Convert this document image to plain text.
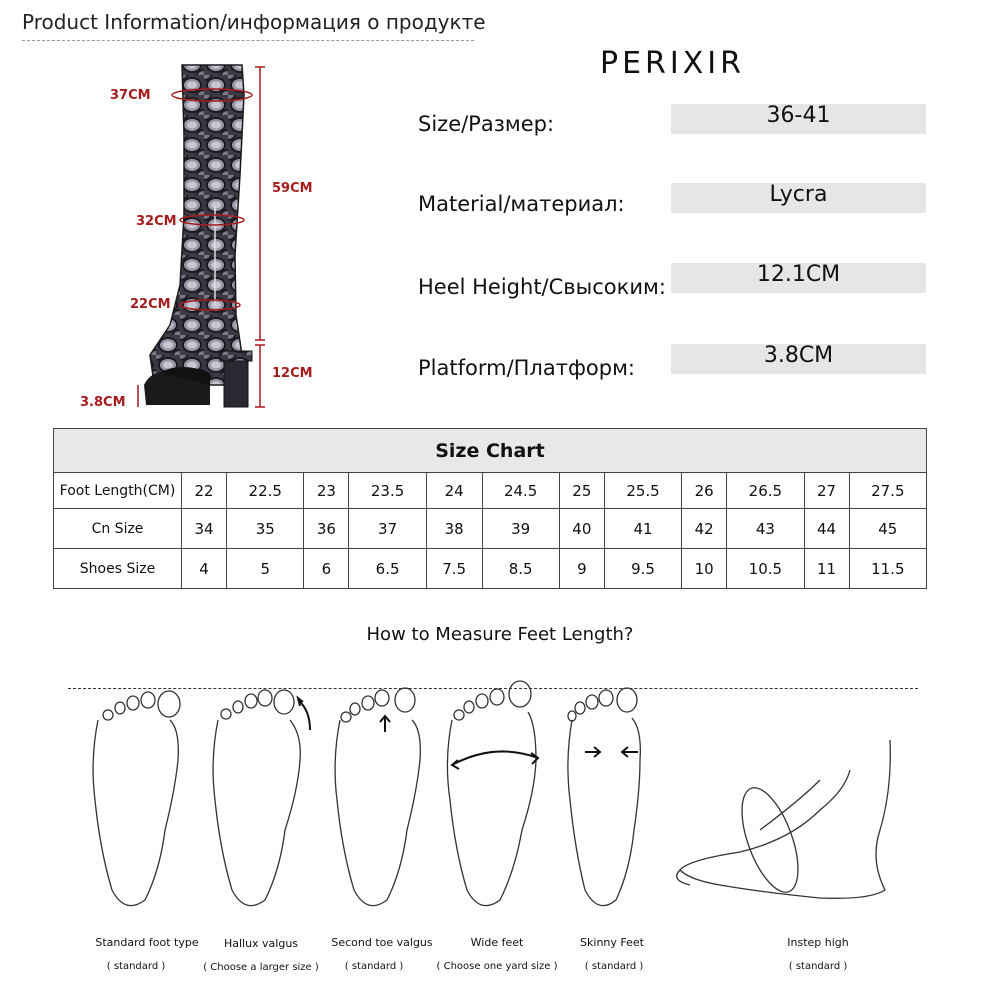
Product Information/информация о продукте
37CM
59CM
32CM
22CM
12CM
3.8CM
PERIXIR
Size/Размер:	36-41
Material/материал:	Lycra
Heel Height/Свысоким:	12.1CM
Platform/Платформ:	3.8CM
Size Chart												
Foot Length(CM)	22	22.5	23	23.5	24	24.5	25	25.5	26	26.5	27	27.5
Cn Size	34	35	36	37	38	39	40	41	42	43	44	45
Shoes Size	4	5	6	6.5	7.5	8.5	9	9.5	10	10.5	11	11.5
How to Measure Feet Length?
Standard foot type
( standard )
Hallux valgus
( Choose a larger size )
Second toe valgus
( standard )
Wide feet
( Choose one yard size )
Skinny Feet
( standard )
Instep high
( standard )
